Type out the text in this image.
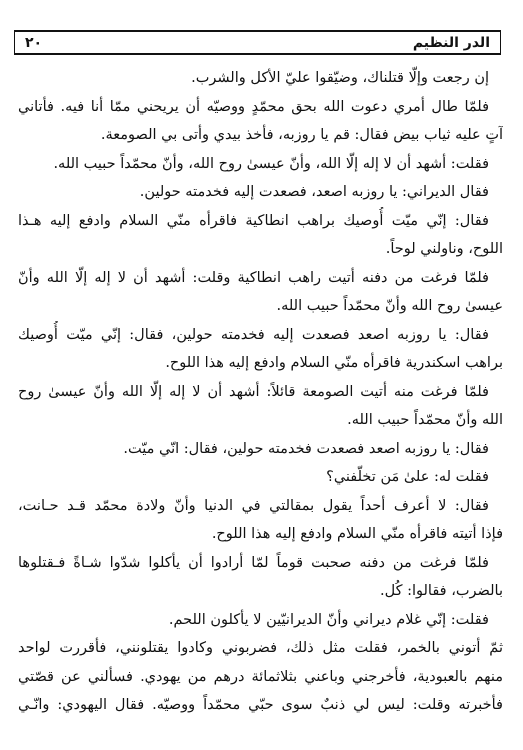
٢٠	الدر النظيم
إن رجعت وإلّا قتلناك، وضيّقوا عليّ الأكل والشرب.
فلمّا طال أمري دعوت الله بحق محمّدٍ ووصيّه أن يريحني ممّا أنا فيه. فأتاني
آتٍ عليه ثياب بيض فقال: قم يا روزبه، فأخذ بيدي وأتى بي الصومعة.
فقلت: أشهد أن لا إله إلّا الله، وأنّ عيسىٰ روح الله، وأنّ محمّداً حبيب الله.
فقال الديراني: يا روزبه اصعد، فصعدت إليه فخدمته حولين.
فقال: إنّي ميّت أُوصيك براهب انطاكية فاقرأه منّي السلام وادفع إليه هـذا
اللوح، وناولني لوحاً.
فلمّا فرغت من دفنه أتيت راهب انطاكية وقلت: أشهد أن لا إله إلّا الله وأنّ
عيسىٰ روح الله وأنّ محمّداً حبيب الله.
فقال: يا روزبه اصعد فصعدت إليه فخدمته حولين، فقال: إنّي ميّت أُوصيك
براهب اسكندرية فاقرأه منّي السلام وادفع إليه هذا اللوح.
فلمّا فرغت منه أتيت الصومعة قائلاً: أشهد أن لا إله إلّا الله وأنّ عيسىٰ روح
الله وأنّ محمّداً حبيب الله.
فقال: يا روزبه اصعد فصعدت فخدمته حولين، فقال: انّي ميّت.
فقلت له: علىٰ مَن تخلّفني؟
فقال: لا أعرف أحداً يقول بمقالتي في الدنيا وأنّ ولادة محمّد قـد حـانت،
فإذا أتيته فاقرأه منّي السلام وادفع إليه هذا اللوح.
فلمّا فرغت من دفنه صحبت قوماً لمّا أرادوا أن يأكلوا شدّوا شـاةً فـقتلوها
بالضرب، فقالوا: كُل.
فقلت: إنّي غلام ديراني وأنّ الديرانيّين لا يأكلون اللحم.
ثمّ أتوني بالخمر، فقلت مثل ذلك، فضربوني وكادوا يقتلونني، فأقررت لواحد
منهم بالعبودية، فأخرجني وباعني بثلاثمائة درهم من يهودي. فسألني عن قصّتي
فأخبرته وقلت: ليس لي ذنبٌ سوى حبّي محمّداً ووصيّه. فقال اليهودي: وانّـي
